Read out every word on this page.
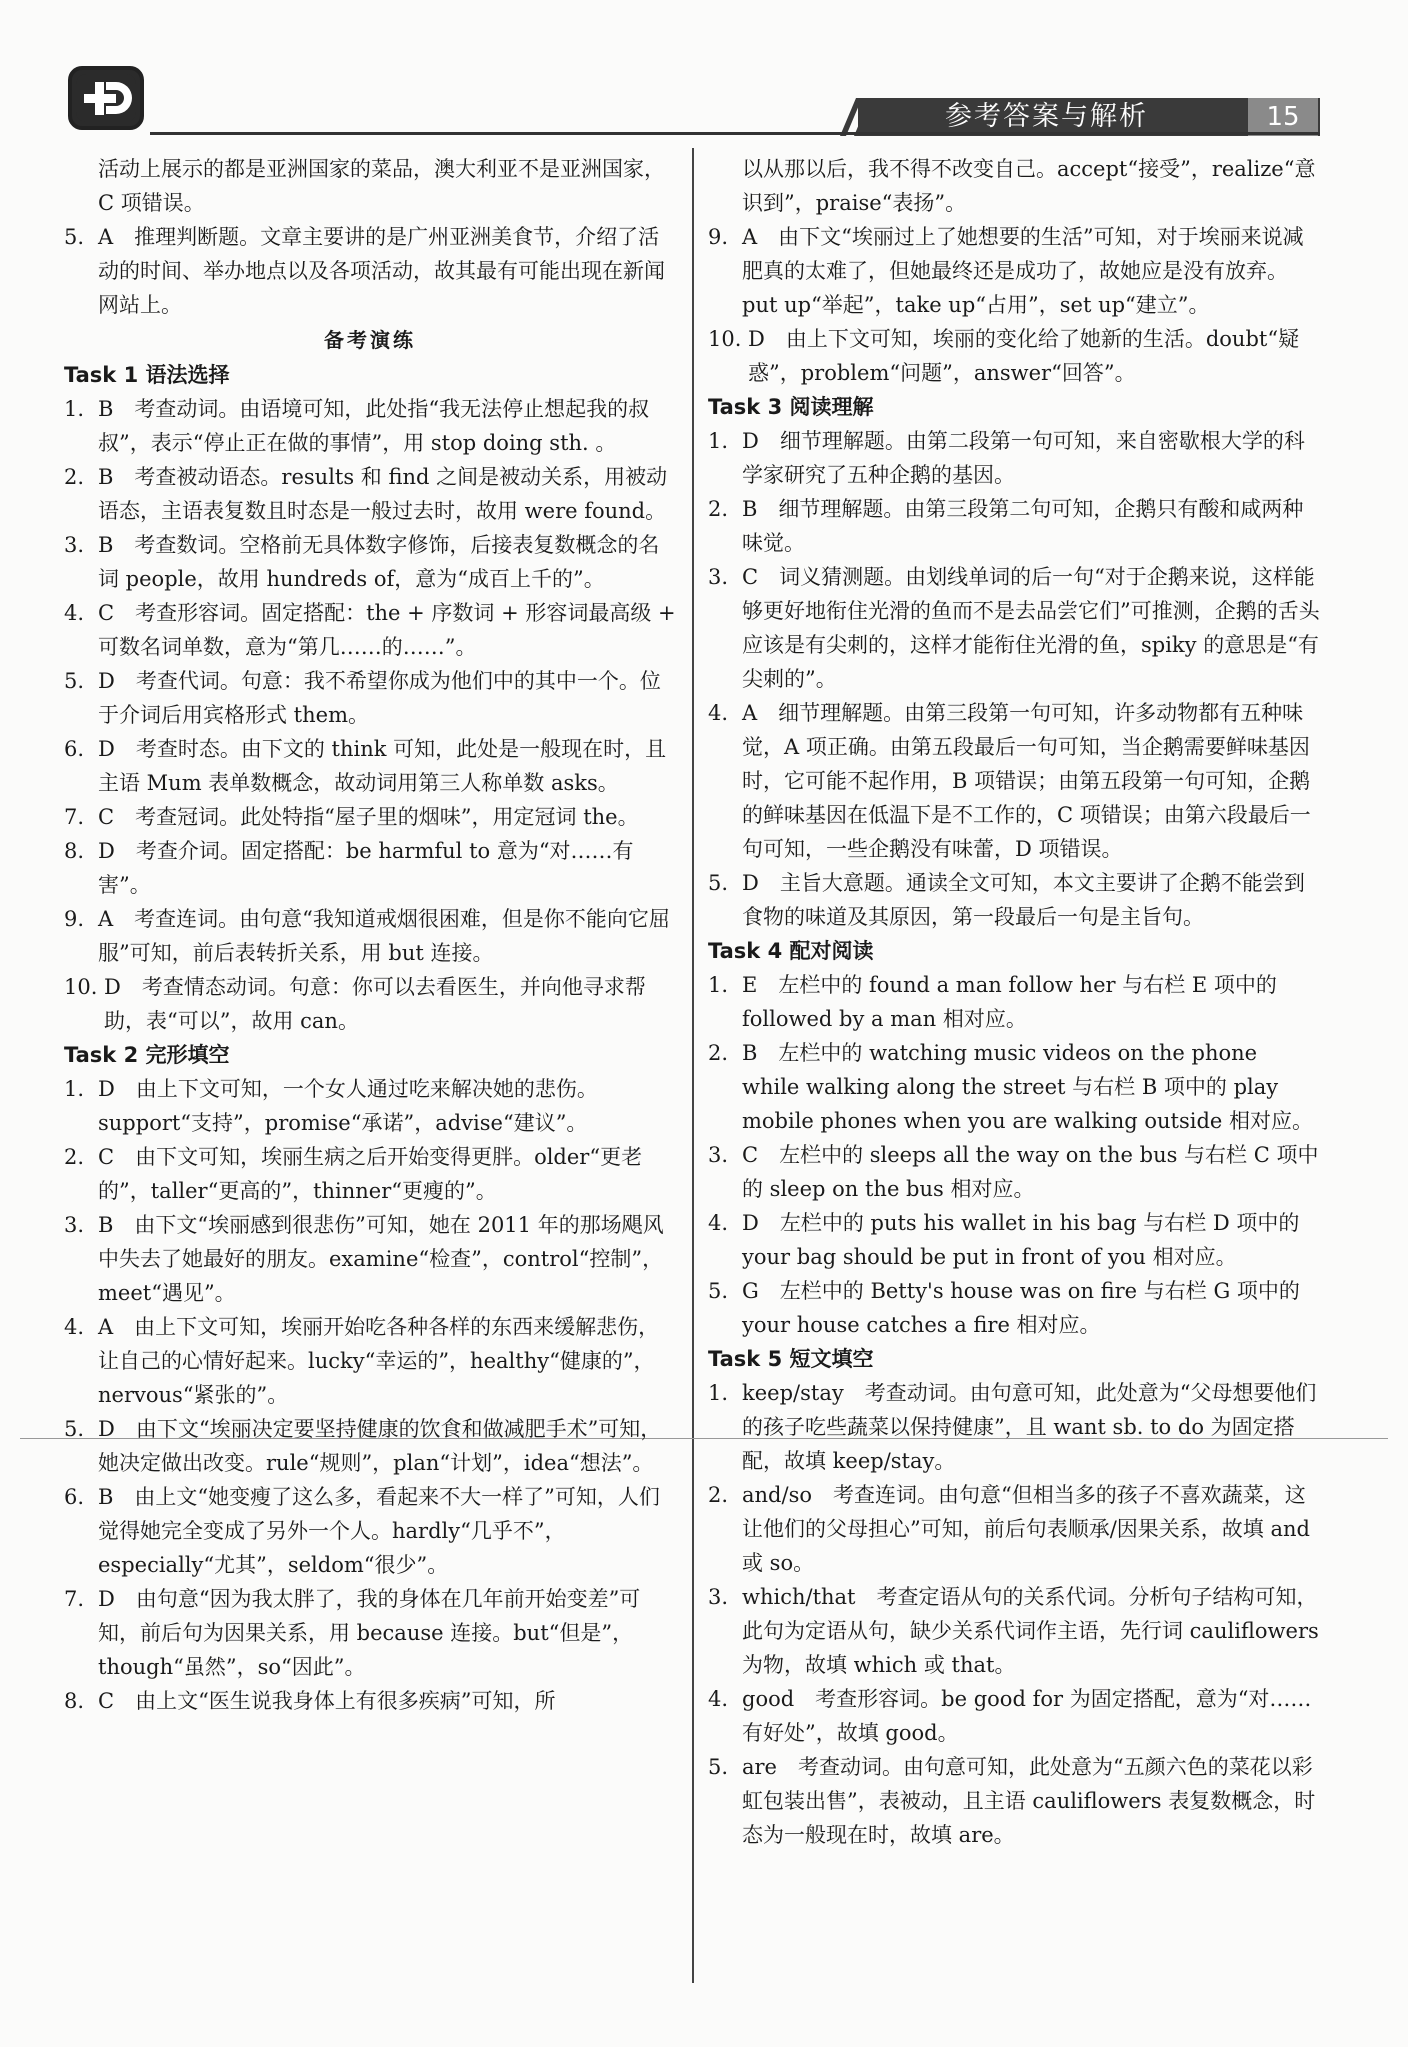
参考答案与解析	15

活动上展示的都是亚洲国家的菜品，澳大利亚不是亚洲国家，C 项错误。

5. A　推理判断题。文章主要讲的是广州亚洲美食节，介绍了活动的时间、举办地点以及各项活动，故其最有可能出现在新闻网站上。

备考演练

Task 1 语法选择

1. B　考查动词。由语境可知，此处指“我无法停止想起我的叔叔”，表示“停止正在做的事情”，用 stop doing sth. 。
2. B　考查被动语态。results 和 find 之间是被动关系，用被动语态，主语表复数且时态是一般过去时，故用 were found。
3. B　考查数词。空格前无具体数字修饰，后接表复数概念的名词 people，故用 hundreds of，意为“成百上千的”。
4. C　考查形容词。固定搭配：the + 序数词 + 形容词最高级 + 可数名词单数，意为“第几……的……”。
5. D　考查代词。句意：我不希望你成为他们中的其中一个。位于介词后用宾格形式 them。
6. D　考查时态。由下文的 think 可知，此处是一般现在时，且主语 Mum 表单数概念，故动词用第三人称单数 asks。
7. C　考查冠词。此处特指“屋子里的烟味”，用定冠词 the。
8. D　考查介词。固定搭配：be harmful to 意为“对……有害”。
9. A　考查连词。由句意“我知道戒烟很困难，但是你不能向它屈服”可知，前后表转折关系，用 but 连接。
10. D　考查情态动词。句意：你可以去看医生，并向他寻求帮助，表“可以”，故用 can。

Task 2 完形填空

1. D　由上下文可知，一个女人通过吃来解决她的悲伤。support“支持”，promise“承诺”，advise“建议”。
2. C　由下文可知，埃丽生病之后开始变得更胖。older“更老的”，taller“更高的”，thinner“更瘦的”。
3. B　由下文“埃丽感到很悲伤”可知，她在 2011 年的那场飓风中失去了她最好的朋友。examine“检查”，control“控制”，meet“遇见”。
4. A　由上下文可知，埃丽开始吃各种各样的东西来缓解悲伤，让自己的心情好起来。lucky“幸运的”，healthy“健康的”，nervous“紧张的”。
5. D　由下文“埃丽决定要坚持健康的饮食和做减肥手术”可知，她决定做出改变。rule“规则”，plan“计划”，idea“想法”。
6. B　由上文“她变瘦了这么多，看起来不大一样了”可知，人们觉得她完全变成了另外一个人。hardly“几乎不”，especially“尤其”，seldom“很少”。
7. D　由句意“因为我太胖了，我的身体在几年前开始变差”可知，前后句为因果关系，用 because 连接。but“但是”，though“虽然”，so“因此”。
8. C　由上文“医生说我身体上有很多疾病”可知，所

以从那以后，我不得不改变自己。accept“接受”，realize“意识到”，praise“表扬”。

9. A　由下文“埃丽过上了她想要的生活”可知，对于埃丽来说减肥真的太难了，但她最终还是成功了，故她应是没有放弃。put up“举起”，take up“占用”，set up“建立”。
10. D　由上下文可知，埃丽的变化给了她新的生活。doubt“疑惑”，problem“问题”，answer“回答”。

Task 3 阅读理解

1. D　细节理解题。由第二段第一句可知，来自密歇根大学的科学家研究了五种企鹅的基因。
2. B　细节理解题。由第三段第二句可知，企鹅只有酸和咸两种味觉。
3. C　词义猜测题。由划线单词的后一句“对于企鹅来说，这样能够更好地衔住光滑的鱼而不是去品尝它们”可推测，企鹅的舌头应该是有尖刺的，这样才能衔住光滑的鱼，spiky 的意思是“有尖刺的”。
4. A　细节理解题。由第三段第一句可知，许多动物都有五种味觉，A 项正确。由第五段最后一句可知，当企鹅需要鲜味基因时，它可能不起作用，B 项错误；由第五段第一句可知，企鹅的鲜味基因在低温下是不工作的，C 项错误；由第六段最后一句可知，一些企鹅没有味蕾，D 项错误。
5. D　主旨大意题。通读全文可知，本文主要讲了企鹅不能尝到食物的味道及其原因，第一段最后一句是主旨句。

Task 4 配对阅读

1. E　左栏中的 found a man follow her 与右栏 E 项中的 followed by a man 相对应。
2. B　左栏中的 watching music videos on the phone while walking along the street 与右栏 B 项中的 play mobile phones when you are walking outside 相对应。
3. C　左栏中的 sleeps all the way on the bus 与右栏 C 项中的 sleep on the bus 相对应。
4. D　左栏中的 puts his wallet in his bag 与右栏 D 项中的 your bag should be put in front of you 相对应。
5. G　左栏中的 Betty's house was on fire 与右栏 G 项中的 your house catches a fire 相对应。

Task 5 短文填空

1. keep/stay　考查动词。由句意可知，此处意为“父母想要他们的孩子吃些蔬菜以保持健康”，且 want sb. to do 为固定搭配，故填 keep/stay。
2. and/so　考查连词。由句意“但相当多的孩子不喜欢蔬菜，这让他们的父母担心”可知，前后句表顺承/因果关系，故填 and 或 so。
3. which/that　考查定语从句的关系代词。分析句子结构可知，此句为定语从句，缺少关系代词作主语，先行词 cauliflowers 为物，故填 which 或 that。
4. good　考查形容词。be good for 为固定搭配，意为“对……有好处”，故填 good。
5. are　考查动词。由句意可知，此处意为“五颜六色的菜花以彩虹包装出售”，表被动，且主语 cauliflowers 表复数概念，时态为一般现在时，故填 are。
